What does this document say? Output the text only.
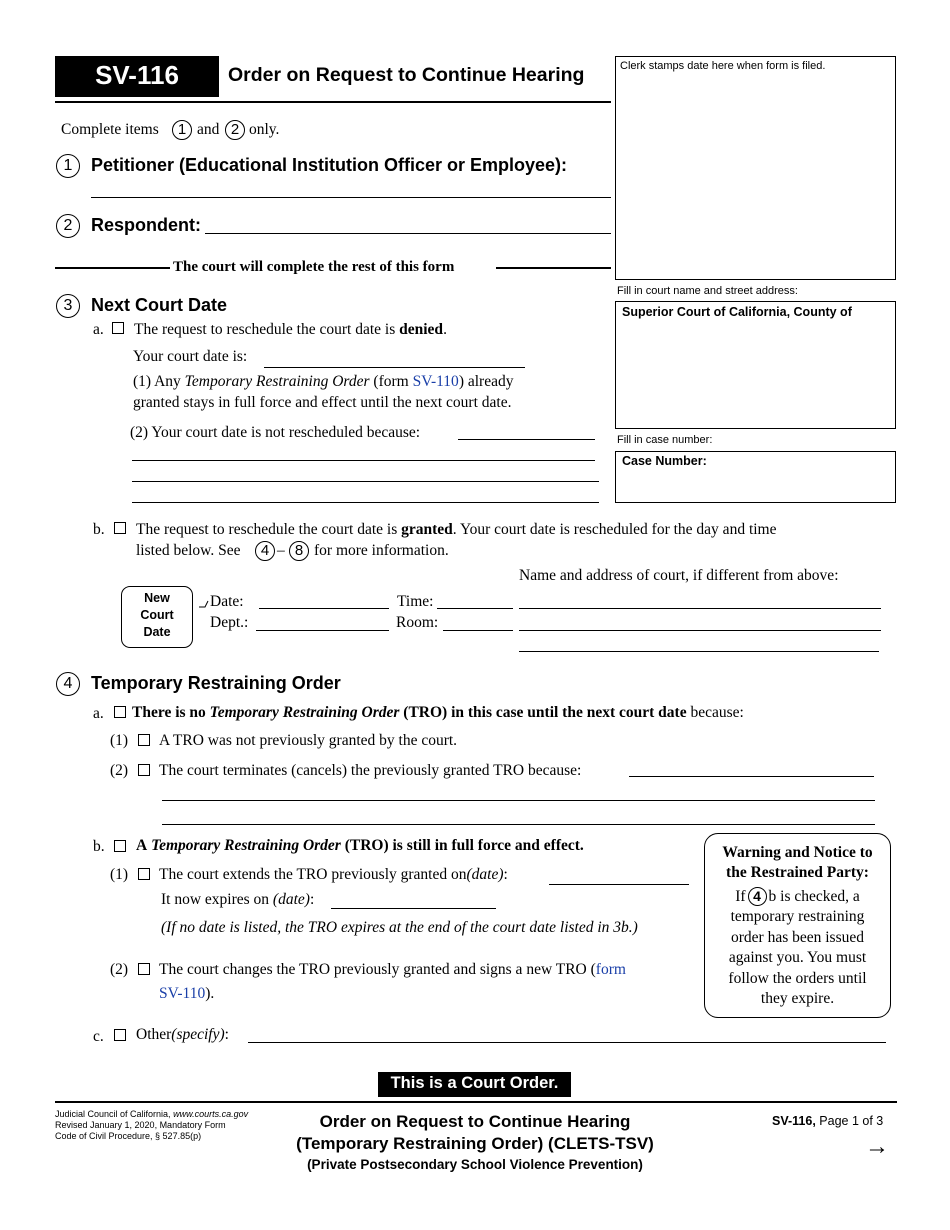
SV-116	Order on Request to Continue Hearing	Clerk stamps date here when form is filed.
Fill in court name and street address:
Superior Court of California, County of
Fill in case number:
Case Number:
Complete items	1 and 2 only.
1	Petitioner (Educational Institution Officer or Employee):
2	Respondent:
The court will complete the rest of this form
3	Next Court Date
a. The request to reschedule the court date is denied.
Your court date is:
(1) Any Temporary Restraining Order (form SV-110) already
granted stays in full force and effect until the next court date.
(2) Your court date is not rescheduled because:
b. The request to reschedule the court date is granted. Your court date is rescheduled for the day and time
listed below. See	4 – 8 for more information.
Name and address of court, if different from above:
New
Court
Date
Date:	Time:
Dept.:	Room:
4	Temporary Restraining Order
a. There is no Temporary Restraining Order (TRO) in this case until the next court date because:
(1) A TRO was not previously granted by the court.
(2) The court terminates (cancels) the previously granted TRO because:
b. A Temporary Restraining Order (TRO) is still in full force and effect.
(1) The court extends the TRO previously granted on(date):
It now expires on (date):
(If no date is listed, the TRO expires at the end of the court date listed in 3b.)
(2) The court changes the TRO previously granted and signs a new TRO (form
SV-110).
c. Other(specify):
Warning and Notice to
the Restrained Party:
If 4 b is checked, a
temporary restraining
order has been issued
against you. You must
follow the orders until
they expire.
This is a Court Order.
Judicial Council of California, www.courts.ca.gov
Revised January 1, 2020, Mandatory Form
Code of Civil Procedure, § 527.85(p)
Order on Request to Continue Hearing
(Temporary Restraining Order) (CLETS-TSV)
(Private Postsecondary School Violence Prevention)
SV-116, Page 1 of 3
→
